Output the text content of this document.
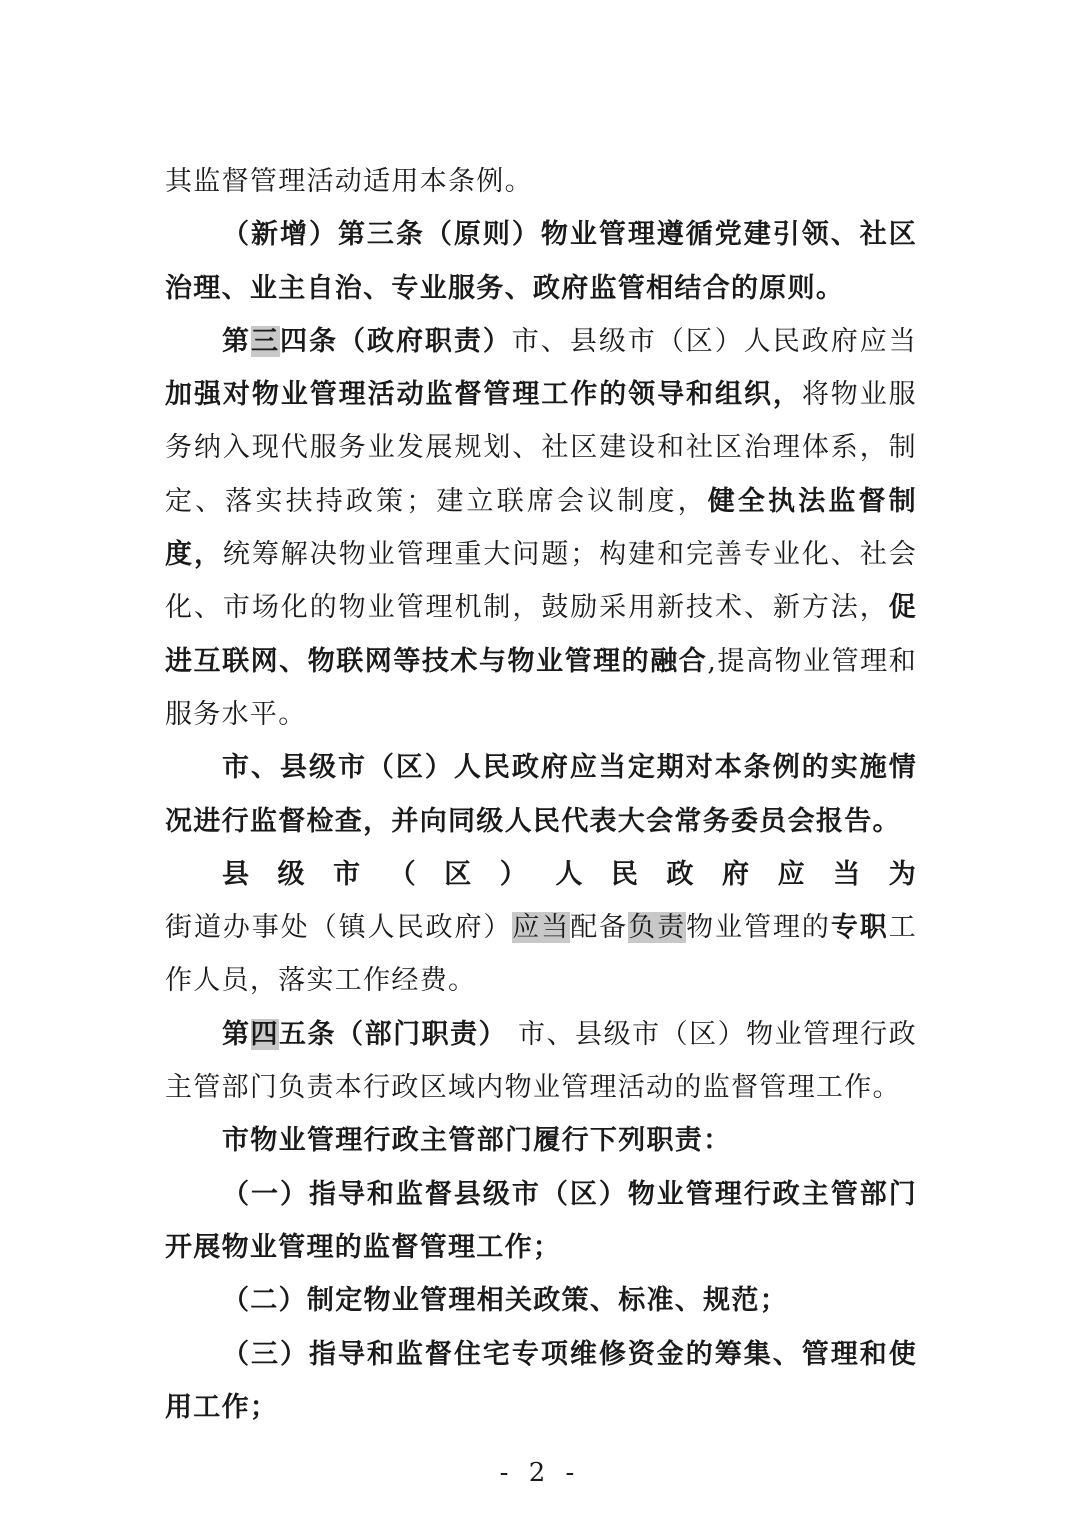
其监督管理活动适用本条例。

（新增）第三条（原则）物业管理遵循党建引领、社区治理、业主自治、专业服务、政府监管相结合的原则。

第三四条（政府职责）市、县级市（区）人民政府应当加强对物业管理活动监督管理工作的领导和组织，将物业服务纳入现代服务业发展规划、社区建设和社区治理体系，制定、落实扶持政策；建立联席会议制度，健全执法监督制度，统筹解决物业管理重大问题；构建和完善专业化、社会化、市场化的物业管理机制，鼓励采用新技术、新方法，促进互联网、物联网等技术与物业管理的融合,提高物业管理和服务水平。

市、县级市（区）人民政府应当定期对本条例的实施情况进行监督检查，并向同级人民代表大会常务委员会报告。

县级市（区）人民政府应当为街道办事处（镇人民政府）应当配备负责物业管理的专职工作人员，落实工作经费。

第四五条（部门职责） 市、县级市（区）物业管理行政主管部门负责本行政区域内物业管理活动的监督管理工作。

市物业管理行政主管部门履行下列职责：

（一）指导和监督县级市（区）物业管理行政主管部门开展物业管理的监督管理工作；

（二）制定物业管理相关政策、标准、规范；

（三）指导和监督住宅专项维修资金的筹集、管理和使用工作；

- 2 -
